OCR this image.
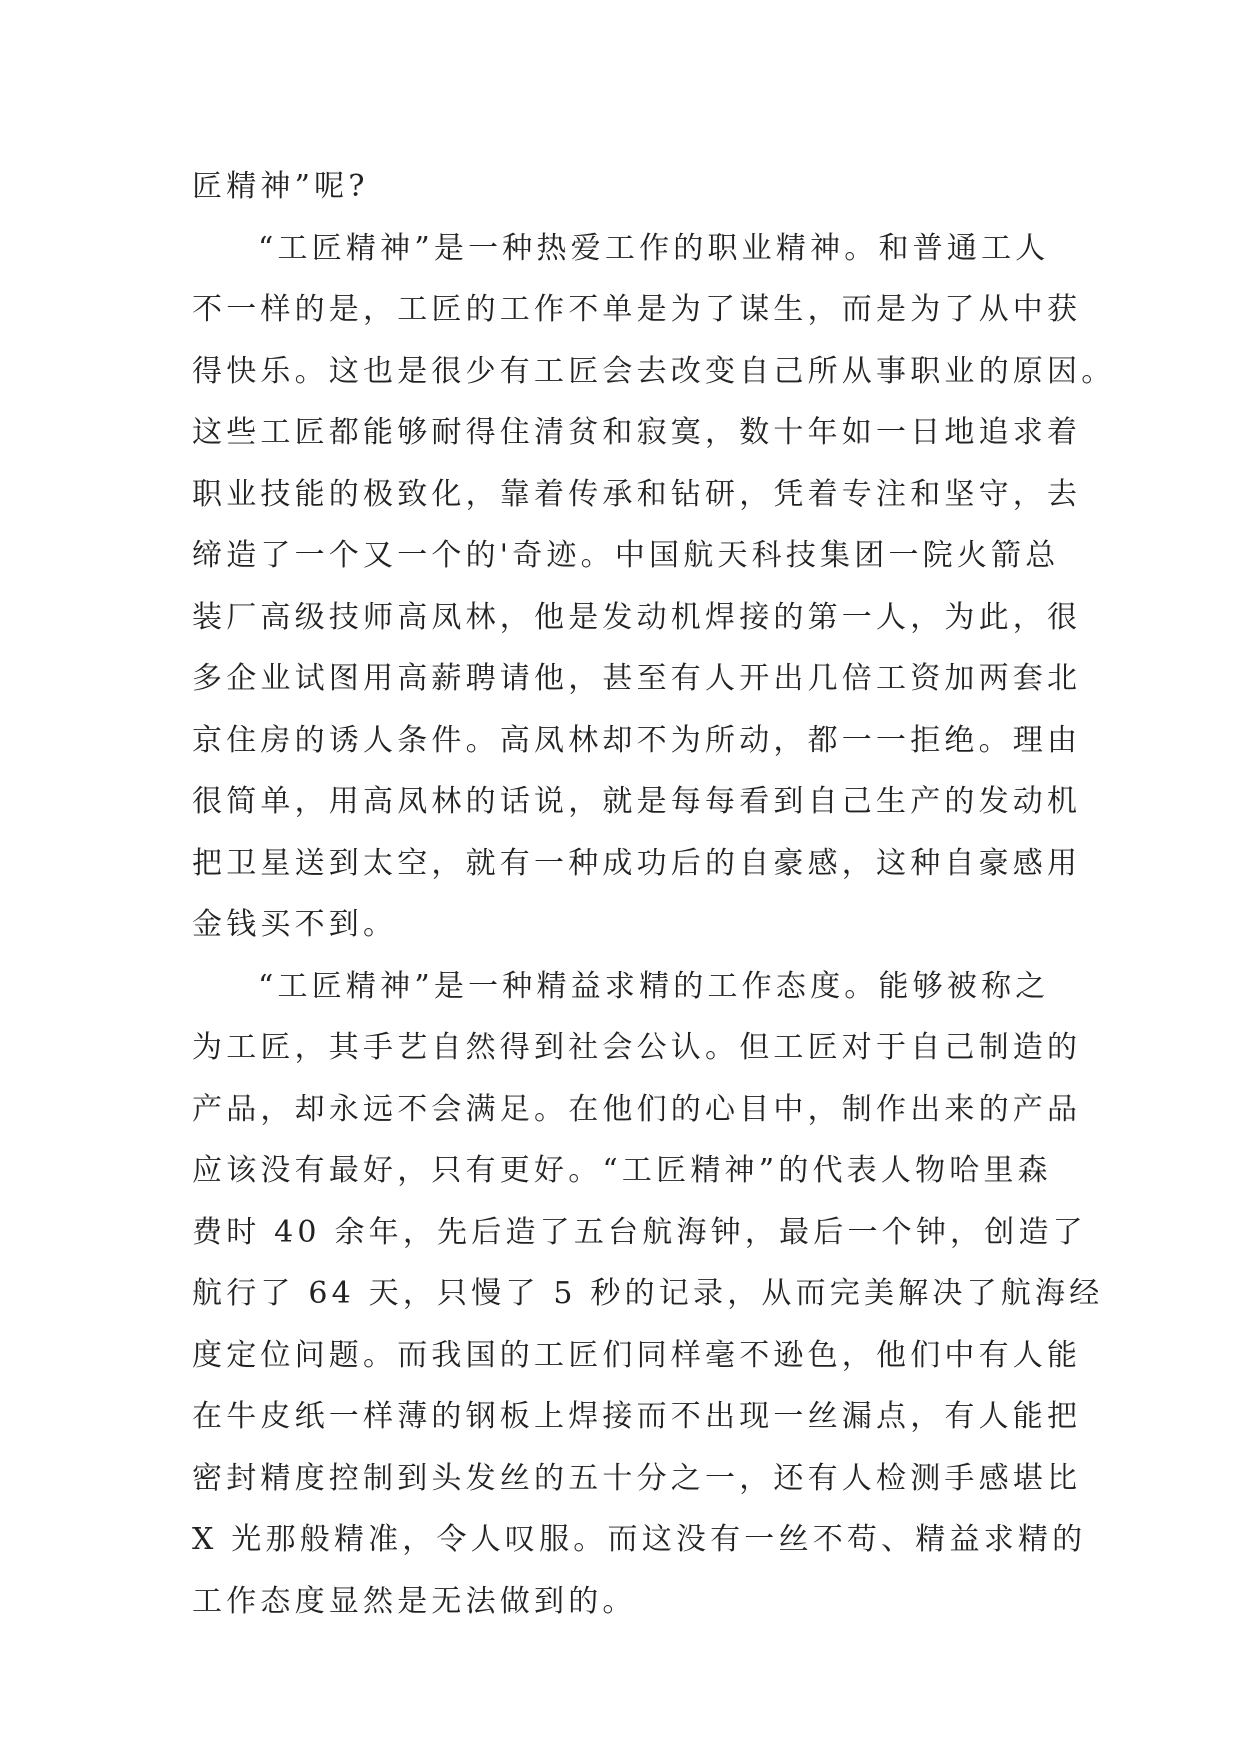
匠精神”呢?
“工匠精神”是一种热爱工作的职业精神。和普通工人
不一样的是，工匠的工作不单是为了谋生，而是为了从中获
得快乐。这也是很少有工匠会去改变自己所从事职业的原因。
这些工匠都能够耐得住清贫和寂寞，数十年如一日地追求着
职业技能的极致化，靠着传承和钻研，凭着专注和坚守，去
缔造了一个又一个的'奇迹。中国航天科技集团一院火箭总
装厂高级技师高凤林，他是发动机焊接的第一人，为此，很
多企业试图用高薪聘请他，甚至有人开出几倍工资加两套北
京住房的诱人条件。高凤林却不为所动，都一一拒绝。理由
很简单，用高凤林的话说，就是每每看到自己生产的发动机
把卫星送到太空，就有一种成功后的自豪感，这种自豪感用
金钱买不到。
“工匠精神”是一种精益求精的工作态度。能够被称之
为工匠，其手艺自然得到社会公认。但工匠对于自己制造的
产品，却永远不会满足。在他们的心目中，制作出来的产品
应该没有最好，只有更好。“工匠精神”的代表人物哈里森
费时 40 余年，先后造了五台航海钟，最后一个钟，创造了
航行了 64 天，只慢了 5 秒的记录，从而完美解决了航海经
度定位问题。而我国的工匠们同样毫不逊色，他们中有人能
在牛皮纸一样薄的钢板上焊接而不出现一丝漏点，有人能把
密封精度控制到头发丝的五十分之一，还有人检测手感堪比
X 光那般精准，令人叹服。而这没有一丝不苟、精益求精的
工作态度显然是无法做到的。
